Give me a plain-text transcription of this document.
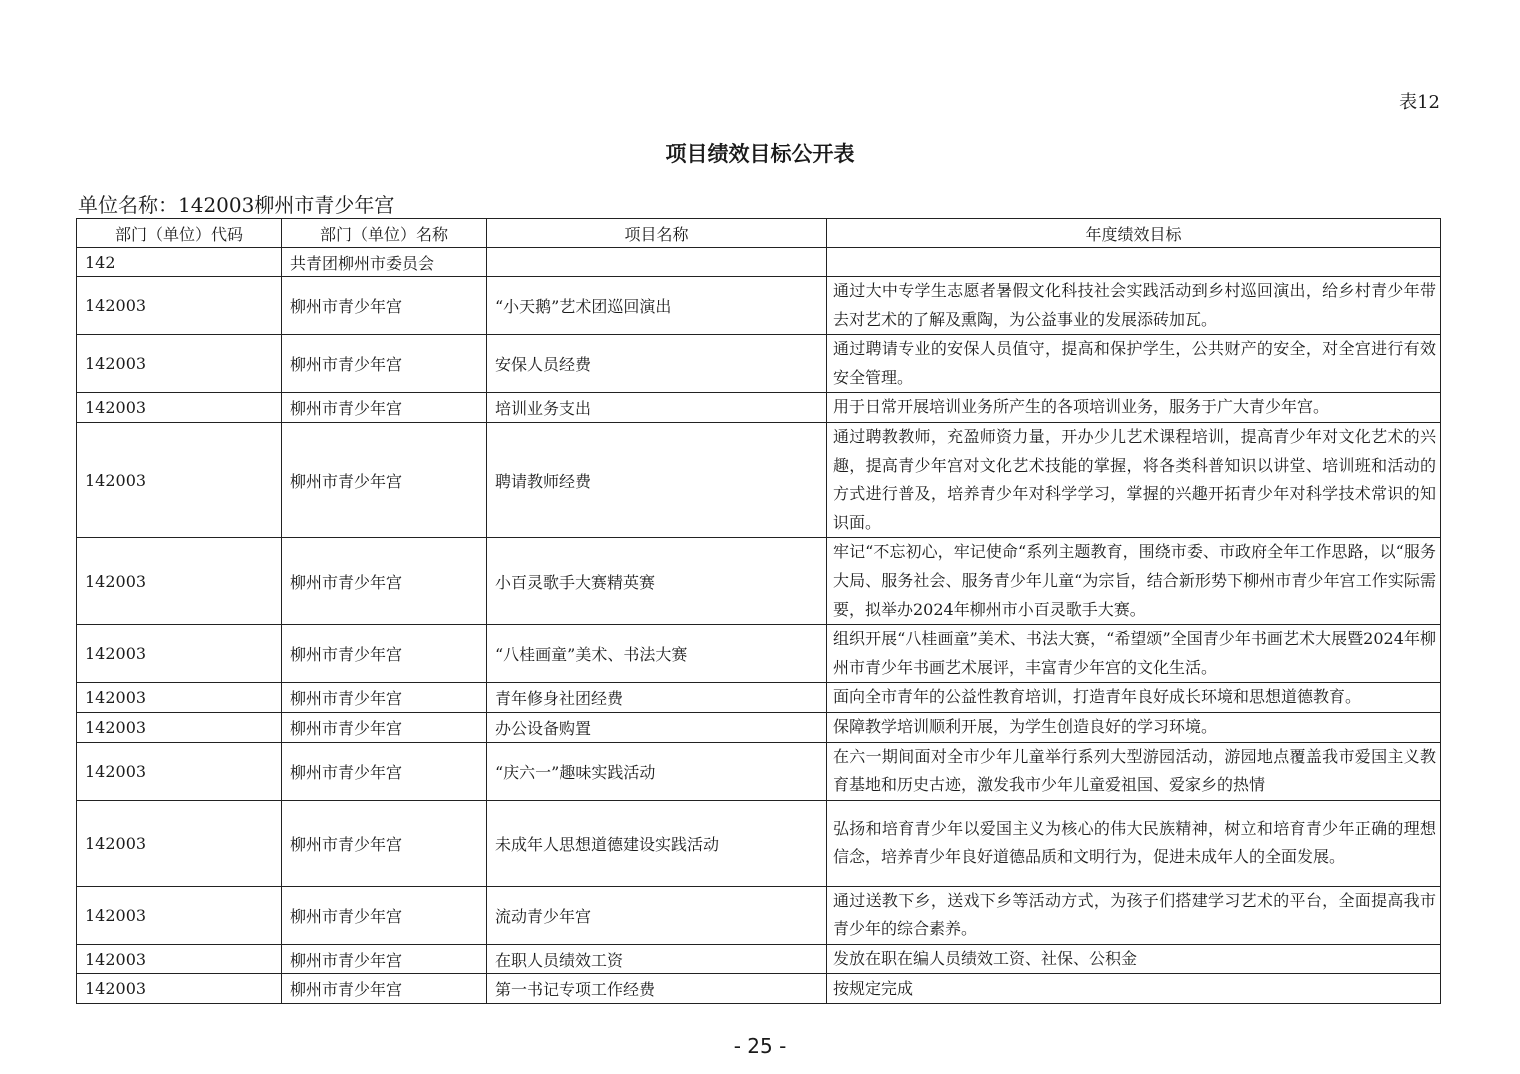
表12
项目绩效目标公开表
单位名称：142003柳州市青少年宫
部门（单位）代码	部门（单位）名称	项目名称	年度绩效目标
142	共青团柳州市委员会		
142003	柳州市青少年宫	“小天鹅”艺术团巡回演出	通过大中专学生志愿者暑假文化科技社会实践活动到乡村巡回演出，给乡村青少年带去对艺术的了解及熏陶，为公益事业的发展添砖加瓦。
142003	柳州市青少年宫	安保人员经费	通过聘请专业的安保人员值守，提高和保护学生，公共财产的安全，对全宫进行有效安全管理。
142003	柳州市青少年宫	培训业务支出	用于日常开展培训业务所产生的各项培训业务，服务于广大青少年宫。
142003	柳州市青少年宫	聘请教师经费	通过聘教教师，充盈师资力量，开办少儿艺术课程培训，提高青少年对文化艺术的兴趣，提高青少年宫对文化艺术技能的掌握，将各类科普知识以讲堂、培训班和活动的方式进行普及，培养青少年对科学学习，掌握的兴趣开拓青少年对科学技术常识的知识面。
142003	柳州市青少年宫	小百灵歌手大赛精英赛	牢记“不忘初心，牢记使命“系列主题教育，围绕市委、市政府全年工作思路，以“服务大局、服务社会、服务青少年儿童“为宗旨，结合新形势下柳州市青少年宫工作实际需要，拟举办2024年柳州市小百灵歌手大赛。
142003	柳州市青少年宫	“八桂画童”美术、书法大赛	组织开展“八桂画童”美术、书法大赛，“希望颂”全国青少年书画艺术大展暨2024年柳州市青少年书画艺术展评，丰富青少年宫的文化生活。
142003	柳州市青少年宫	青年修身社团经费	面向全市青年的公益性教育培训，打造青年良好成长环境和思想道德教育。
142003	柳州市青少年宫	办公设备购置	保障教学培训顺利开展，为学生创造良好的学习环境。
142003	柳州市青少年宫	“庆六一”趣味实践活动	在六一期间面对全市少年儿童举行系列大型游园活动，游园地点覆盖我市爱国主义教育基地和历史古迹，激发我市少年儿童爱祖国、爱家乡的热情
142003	柳州市青少年宫	未成年人思想道德建设实践活动	弘扬和培育青少年以爱国主义为核心的伟大民族精神，树立和培育青少年正确的理想信念，培养青少年良好道德品质和文明行为，促进未成年人的全面发展。
142003	柳州市青少年宫	流动青少年宫	通过送教下乡，送戏下乡等活动方式，为孩子们搭建学习艺术的平台，全面提高我市青少年的综合素养。
142003	柳州市青少年宫	在职人员绩效工资	发放在职在编人员绩效工资、社保、公积金
142003	柳州市青少年宫	第一书记专项工作经费	按规定完成
- 25 -
